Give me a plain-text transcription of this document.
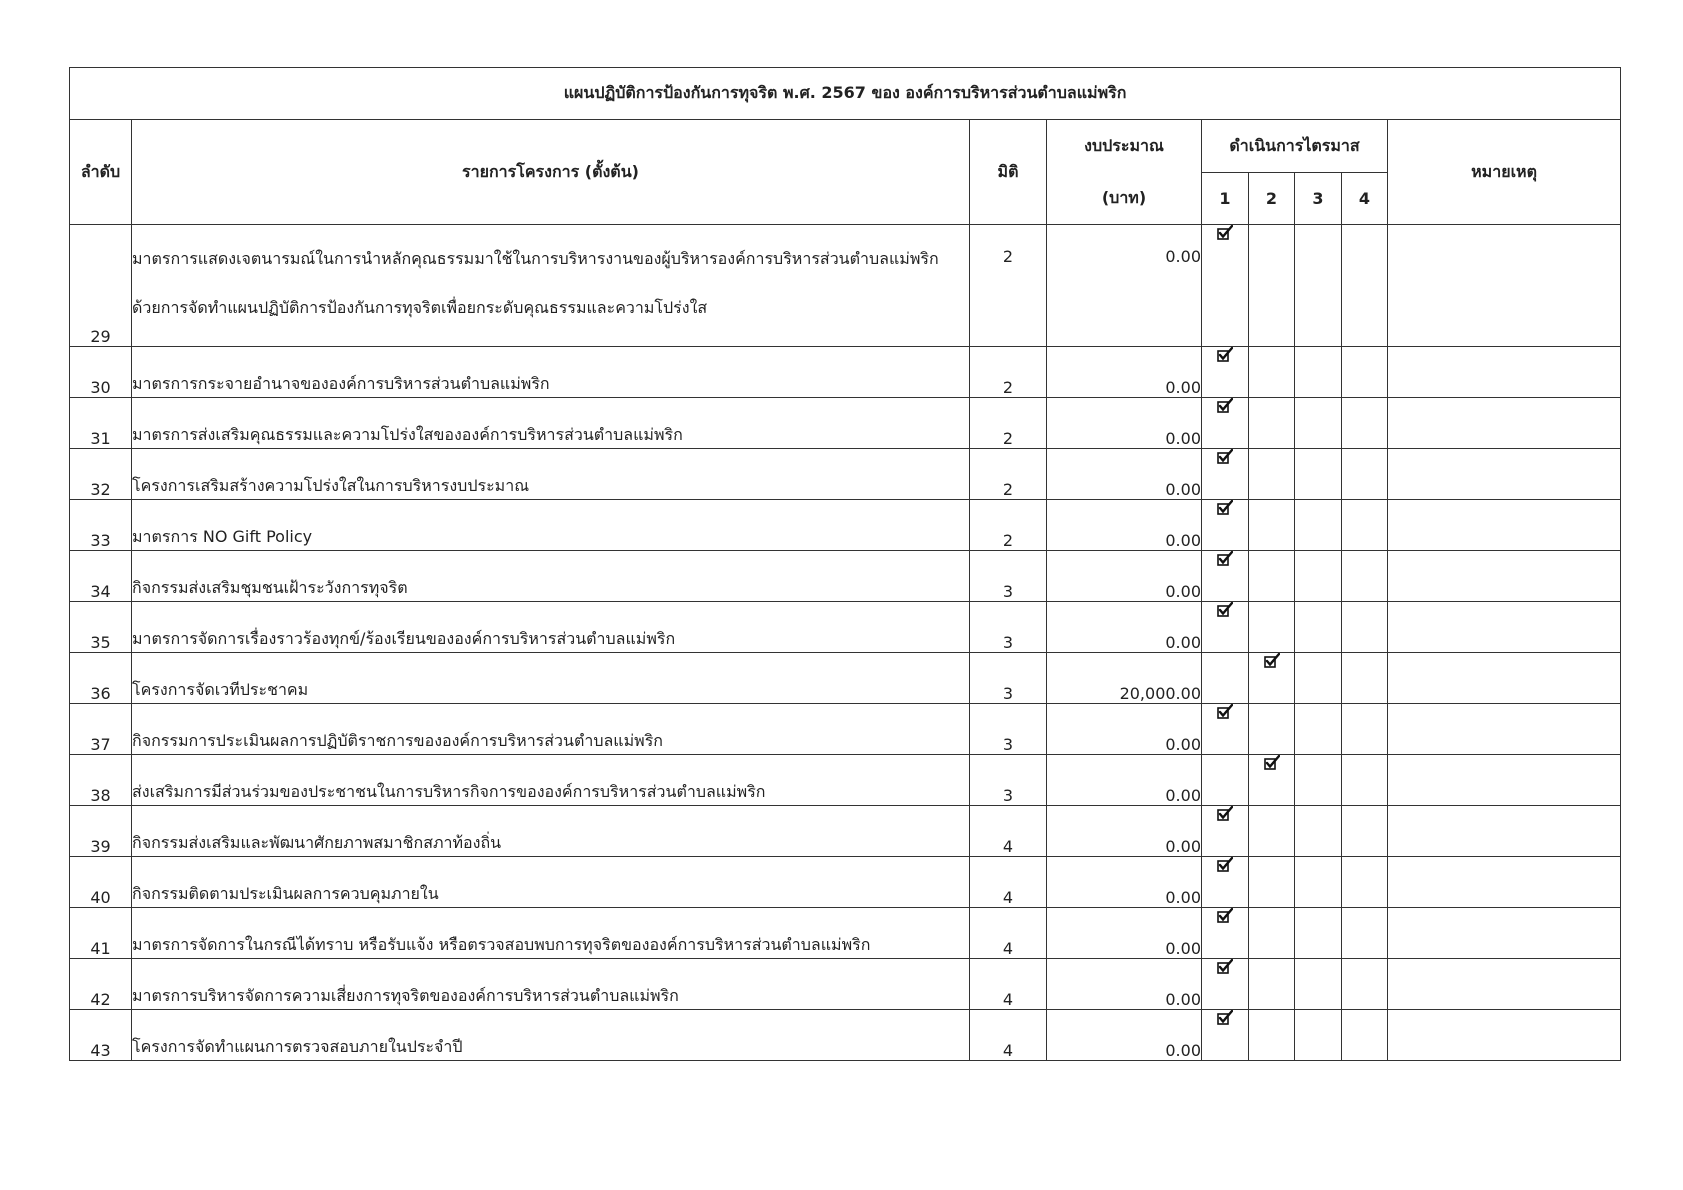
แผนปฏิบัติการป้องกันการทุจริต พ.ศ. 2567 ของ องค์การบริหารส่วนตำบลแม่พริก								
ลำดับ	รายการโครงการ (ตั้งต้น)	มิติ	งบประมาณ	ดำเนินการไตรมาส				หมายเหตุ
			(บาท)	1	2	3	4	
29	มาตรการแสดงเจตนารมณ์ในการนำหลักคุณธรรมมาใช้ในการบริหารงานของผู้บริหารองค์การบริหารส่วนตำบลแม่พริก
ด้วยการจัดทำแผนปฏิบัติการป้องกันการทุจริตเพื่อยกระดับคุณธรรมและความโปร่งใส	2	0.00					
30	มาตรการกระจายอำนาจขององค์การบริหารส่วนตำบลแม่พริก	2	0.00					
31	มาตรการส่งเสริมคุณธรรมและความโปร่งใสขององค์การบริหารส่วนตำบลแม่พริก	2	0.00					
32	โครงการเสริมสร้างความโปร่งใสในการบริหารงบประมาณ	2	0.00					
33	มาตรการ NO Gift Policy	2	0.00					
34	กิจกรรมส่งเสริมชุมชนเฝ้าระวังการทุจริต	3	0.00					
35	มาตรการจัดการเรื่องราวร้องทุกข์/ร้องเรียนขององค์การบริหารส่วนตำบลแม่พริก	3	0.00					
36	โครงการจัดเวทีประชาคม	3	20,000.00					
37	กิจกรรมการประเมินผลการปฏิบัติราชการขององค์การบริหารส่วนตำบลแม่พริก	3	0.00					
38	ส่งเสริมการมีส่วนร่วมของประชาชนในการบริหารกิจการขององค์การบริหารส่วนตำบลแม่พริก	3	0.00					
39	กิจกรรมส่งเสริมและพัฒนาศักยภาพสมาชิกสภาท้องถิ่น	4	0.00					
40	กิจกรรมติดตามประเมินผลการควบคุมภายใน	4	0.00					
41	มาตรการจัดการในกรณีได้ทราบ หรือรับแจ้ง หรือตรวจสอบพบการทุจริตขององค์การบริหารส่วนตำบลแม่พริก	4	0.00					
42	มาตรการบริหารจัดการความเสี่ยงการทุจริตขององค์การบริหารส่วนตำบลแม่พริก	4	0.00					
43	โครงการจัดทำแผนการตรวจสอบภายในประจำปี	4	0.00					
